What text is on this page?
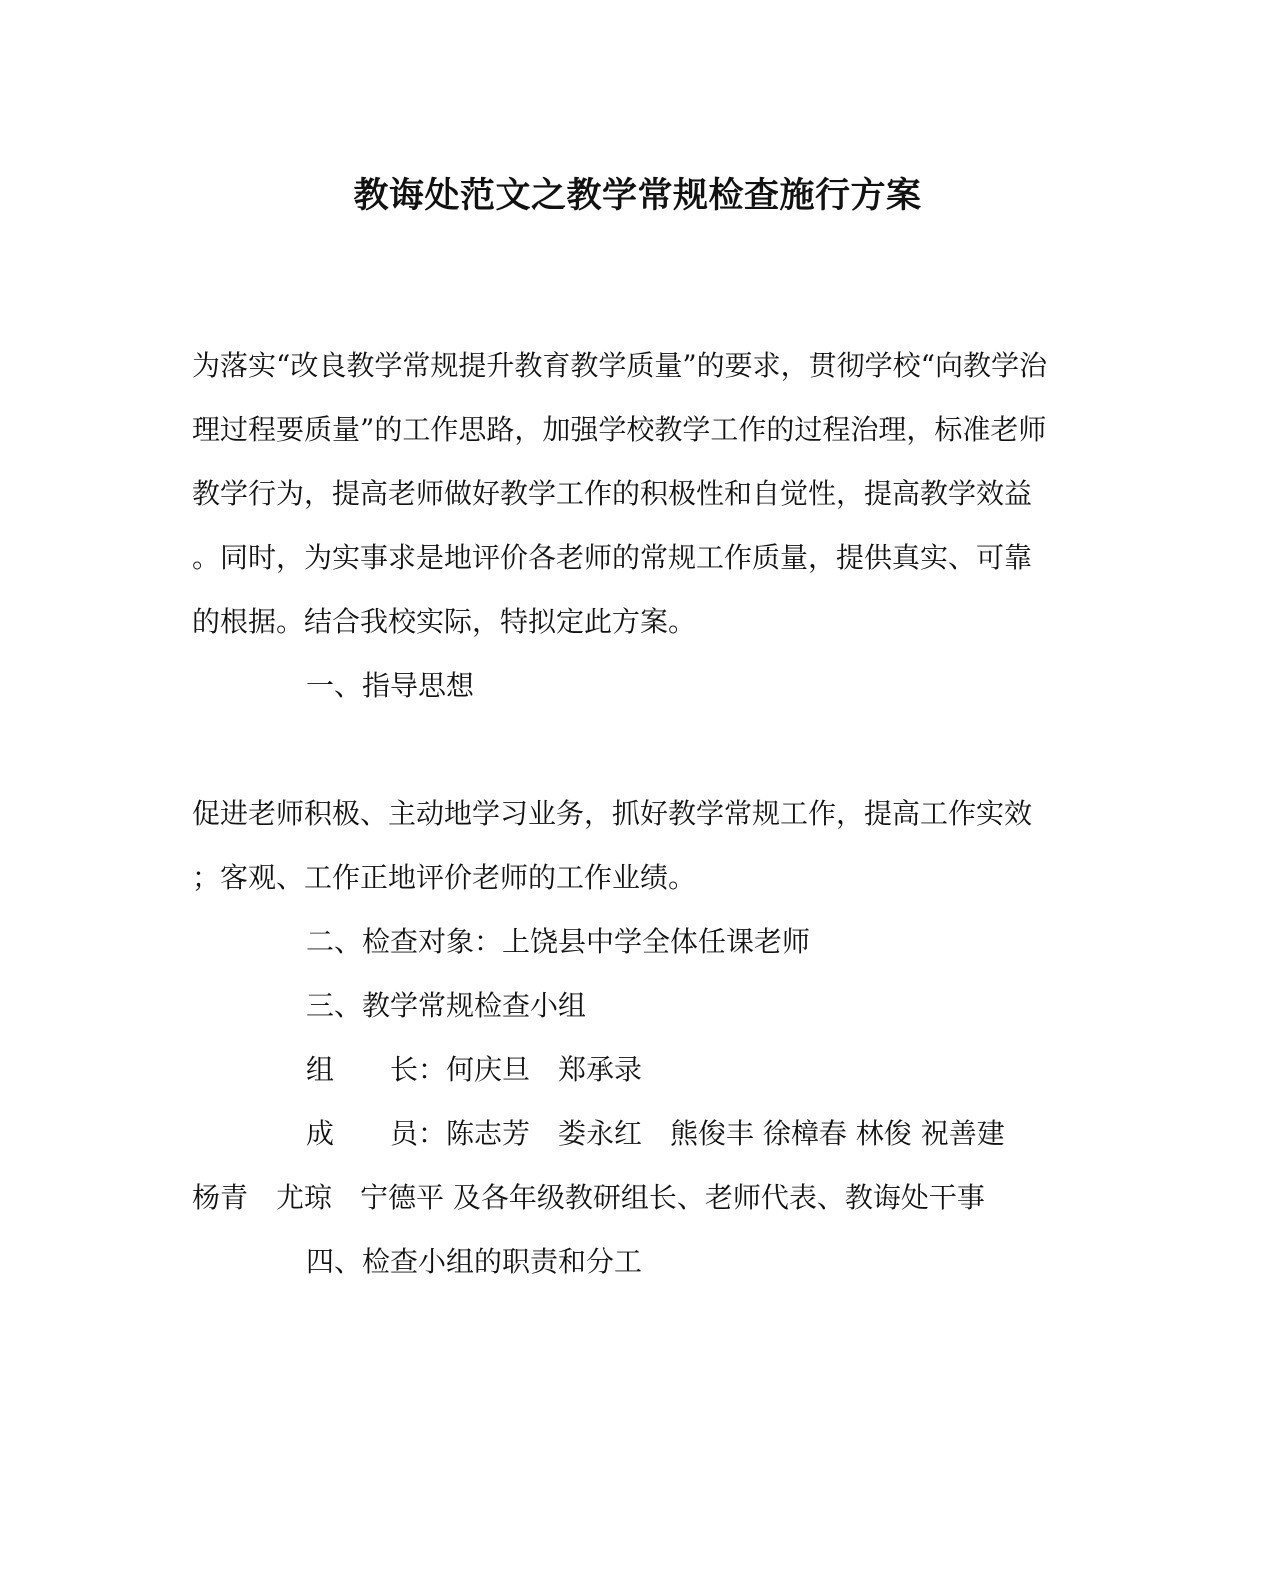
教诲处范文之教学常规检查施行方案
为落实“改良教学常规提升教育教学质量”的要求，贯彻学校“向教学治
理过程要质量”的工作思路，加强学校教学工作的过程治理，标准老师
教学行为，提高老师做好教学工作的积极性和自觉性，提高教学效益
。同时，为实事求是地评价各老师的常规工作质量，提供真实、可靠
的根据。结合我校实际，特拟定此方案。
一、指导思想
促进老师积极、主动地学习业务，抓好教学常规工作，提高工作实效
；客观、工作正地评价老师的工作业绩。
二、检查对象：上饶县中学全体任课老师
三、教学常规检查小组
组　　长：何庆旦　郑承录
成　　员：陈志芳　娄永红　熊俊丰 徐樟春 林俊 祝善建
杨青　尤琼　宁德平 及各年级教研组长、老师代表、教诲处干事
四、检查小组的职责和分工
